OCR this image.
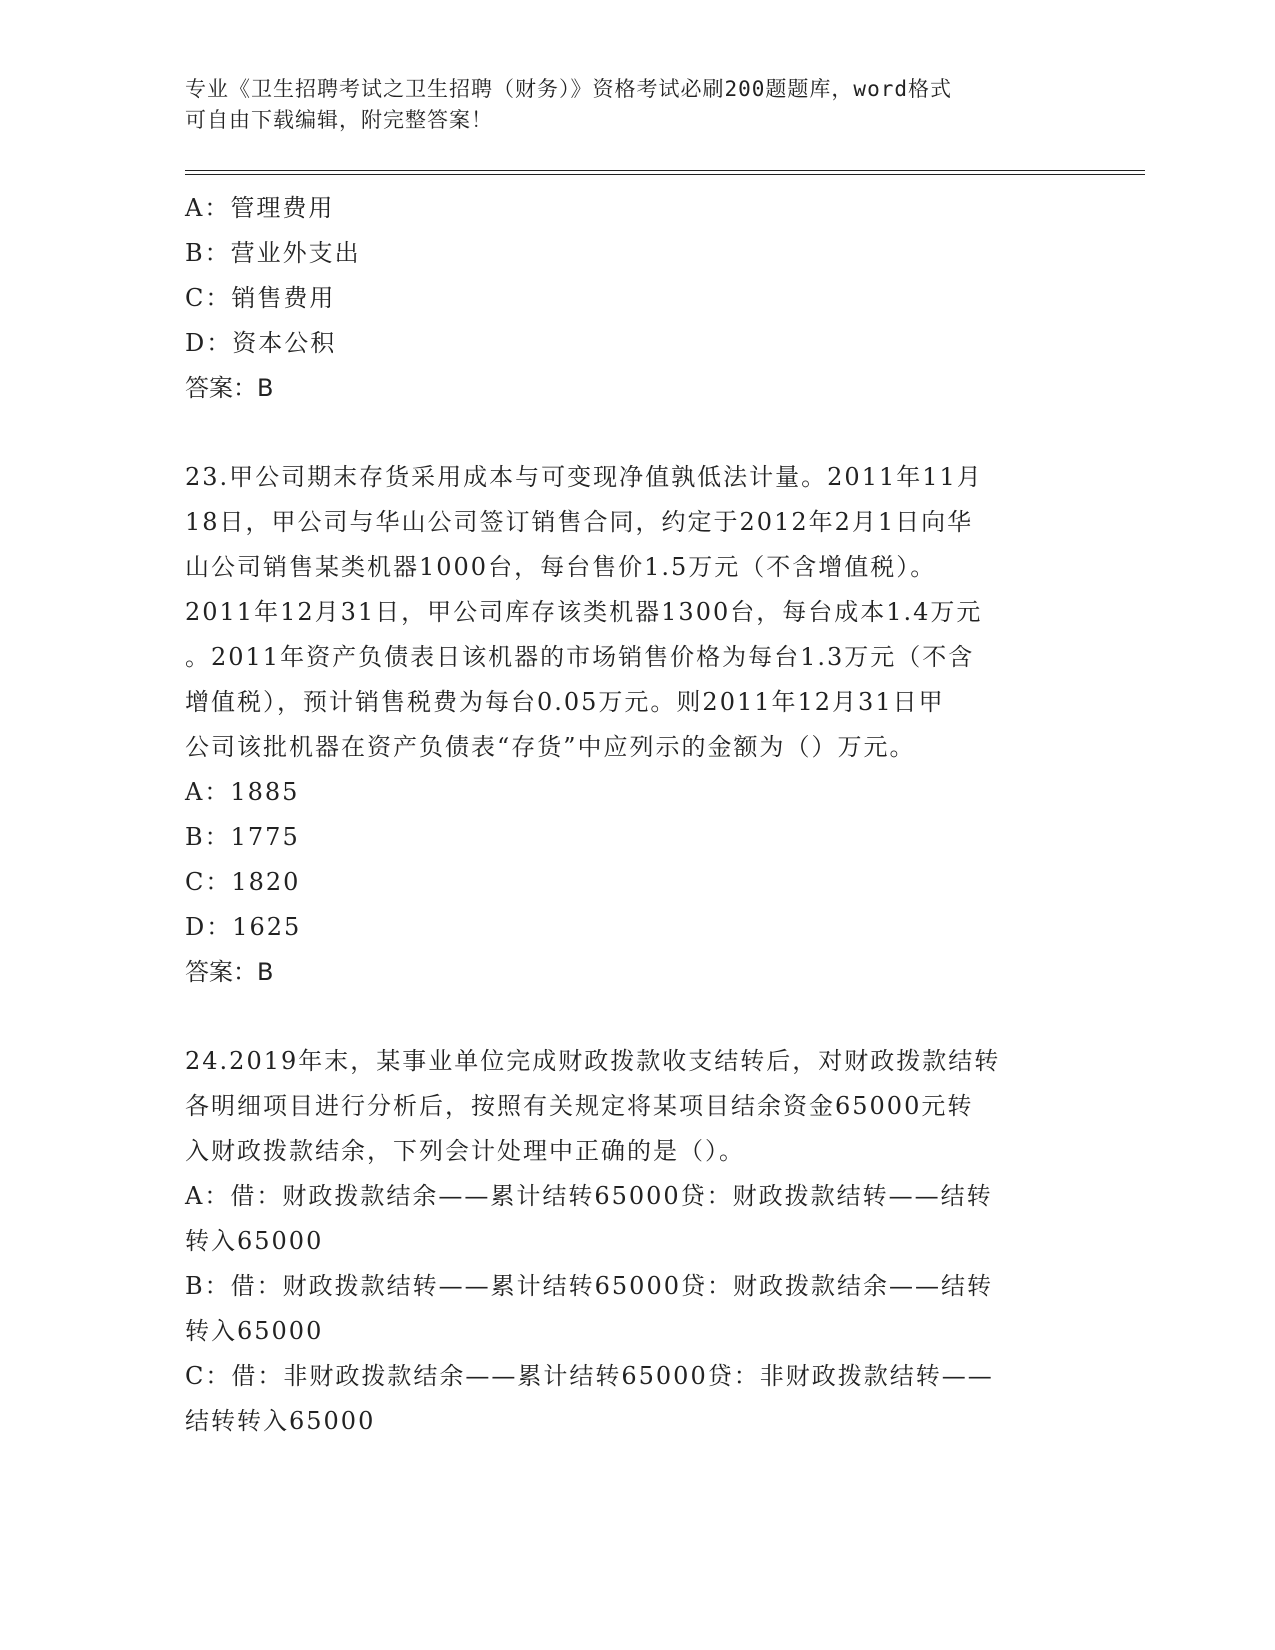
专业《卫生招聘考试之卫生招聘（财务）》资格考试必刷200题题库，word格式
可自由下载编辑，附完整答案！
A：管理费用
B：营业外支出
C：销售费用
D：资本公积
答案：B
23.甲公司期末存货采用成本与可变现净值孰低法计量。2011年11月
18日，甲公司与华山公司签订销售合同，约定于2012年2月1日向华
山公司销售某类机器1000台，每台售价1.5万元（不含增值税）。
2011年12月31日，甲公司库存该类机器1300台，每台成本1.4万元
。2011年资产负债表日该机器的市场销售价格为每台1.3万元（不含
增值税），预计销售税费为每台0.05万元。则2011年12月31日甲
公司该批机器在资产负债表“存货”中应列示的金额为（）万元。
A：1885
B：1775
C：1820
D：1625
答案：B
24.2019年末，某事业单位完成财政拨款收支结转后，对财政拨款结转
各明细项目进行分析后，按照有关规定将某项目结余资金65000元转
入财政拨款结余，下列会计处理中正确的是（）。
A：借：财政拨款结余——累计结转65000贷：财政拨款结转——结转
转入65000
B：借：财政拨款结转——累计结转65000贷：财政拨款结余——结转
转入65000
C：借：非财政拨款结余——累计结转65000贷：非财政拨款结转——
结转转入65000
